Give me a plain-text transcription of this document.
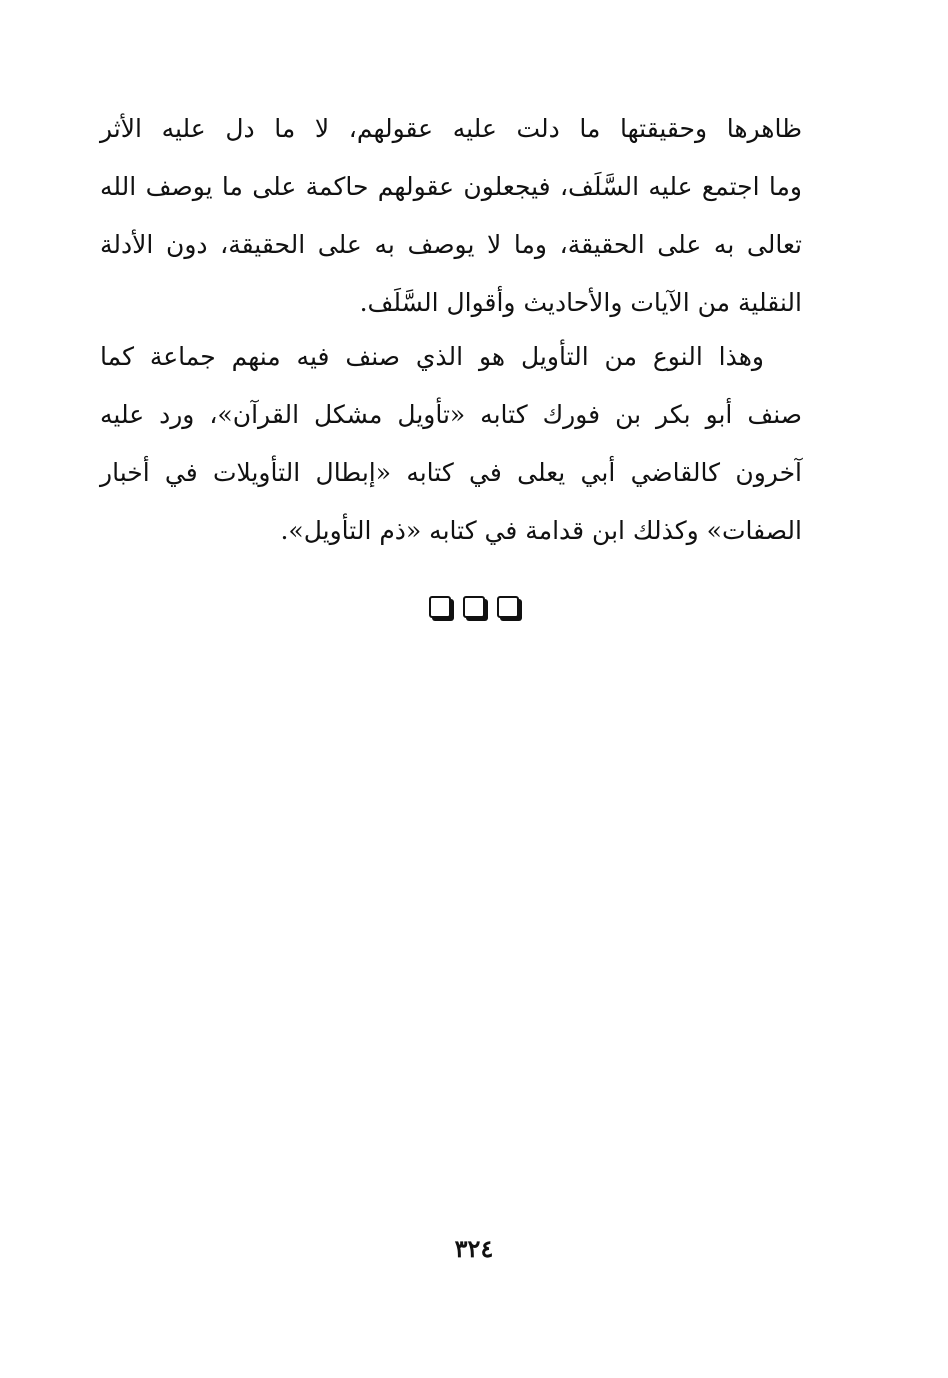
ظاهرها وحقيقتها ما دلت عليه عقولهم، لا ما دل عليه الأثر
وما اجتمع عليه السَّلَف، فيجعلون عقولهم حاكمة على ما يوصف الله
تعالى به على الحقيقة، وما لا يوصف به على الحقيقة، دون الأدلة
النقلية من الآيات والأحاديث وأقوال السَّلَف.
وهذا النوع من التأويل هو الذي صنف فيه منهم جماعة كما
صنف أبو بكر بن فورك كتابه «تأويل مشكل القرآن»، ورد عليه
آخرون كالقاضي أبي يعلى في كتابه «إبطال التأويلات في أخبار
الصفات» وكذلك ابن قدامة في كتابه «ذم التأويل».
٣٢٤
